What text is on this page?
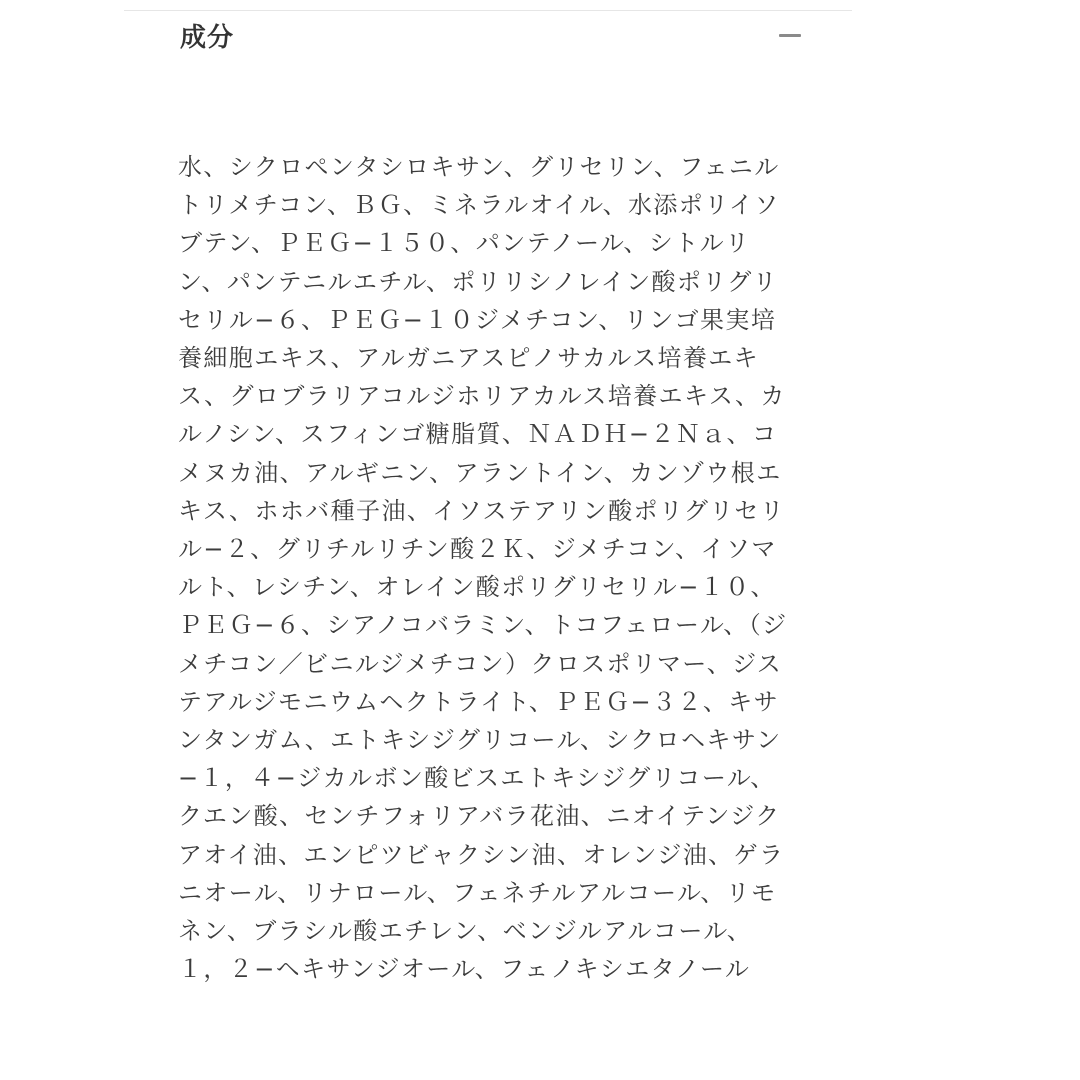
成分

水、シクロペンタシロキサン、グリセリン、フェニルトリメチコン、ＢＧ、ミネラルオイル、水添ポリイソブテン、ＰＥＧ−１５０、パンテノール、シトルリン、パンテニルエチル、ポリリシノレイン酸ポリグリセリル−６、ＰＥＧ−１０ジメチコン、リンゴ果実培養細胞エキス、アルガニアスピノサカルス培養エキス、グロブラリアコルジホリアカルス培養エキス、カルノシン、スフィンゴ糖脂質、ＮＡＤＨ−２Ｎａ、コメヌカ油、アルギニン、アラントイン、カンゾウ根エキス、ホホバ種子油、イソステアリン酸ポリグリセリル−２、グリチルリチン酸２Ｋ、ジメチコン、イソマルト、レシチン、オレイン酸ポリグリセリル−１０、ＰＥＧ−６、シアノコバラミン、トコフェロール、（ジメチコン／ビニルジメチコン）クロスポリマー、ジステアルジモニウムヘクトライト、ＰＥＧ−３２、キサンタンガム、エトキシジグリコール、シクロヘキサン−１，４−ジカルボン酸ビスエトキシジグリコール、クエン酸、センチフォリアバラ花油、ニオイテンジクアオイ油、エンピツビャクシン油、オレンジ油、ゲラニオール、リナロール、フェネチルアルコール、リモネン、ブラシル酸エチレン、ベンジルアルコール、１，２−ヘキサンジオール、フェノキシエタノール
